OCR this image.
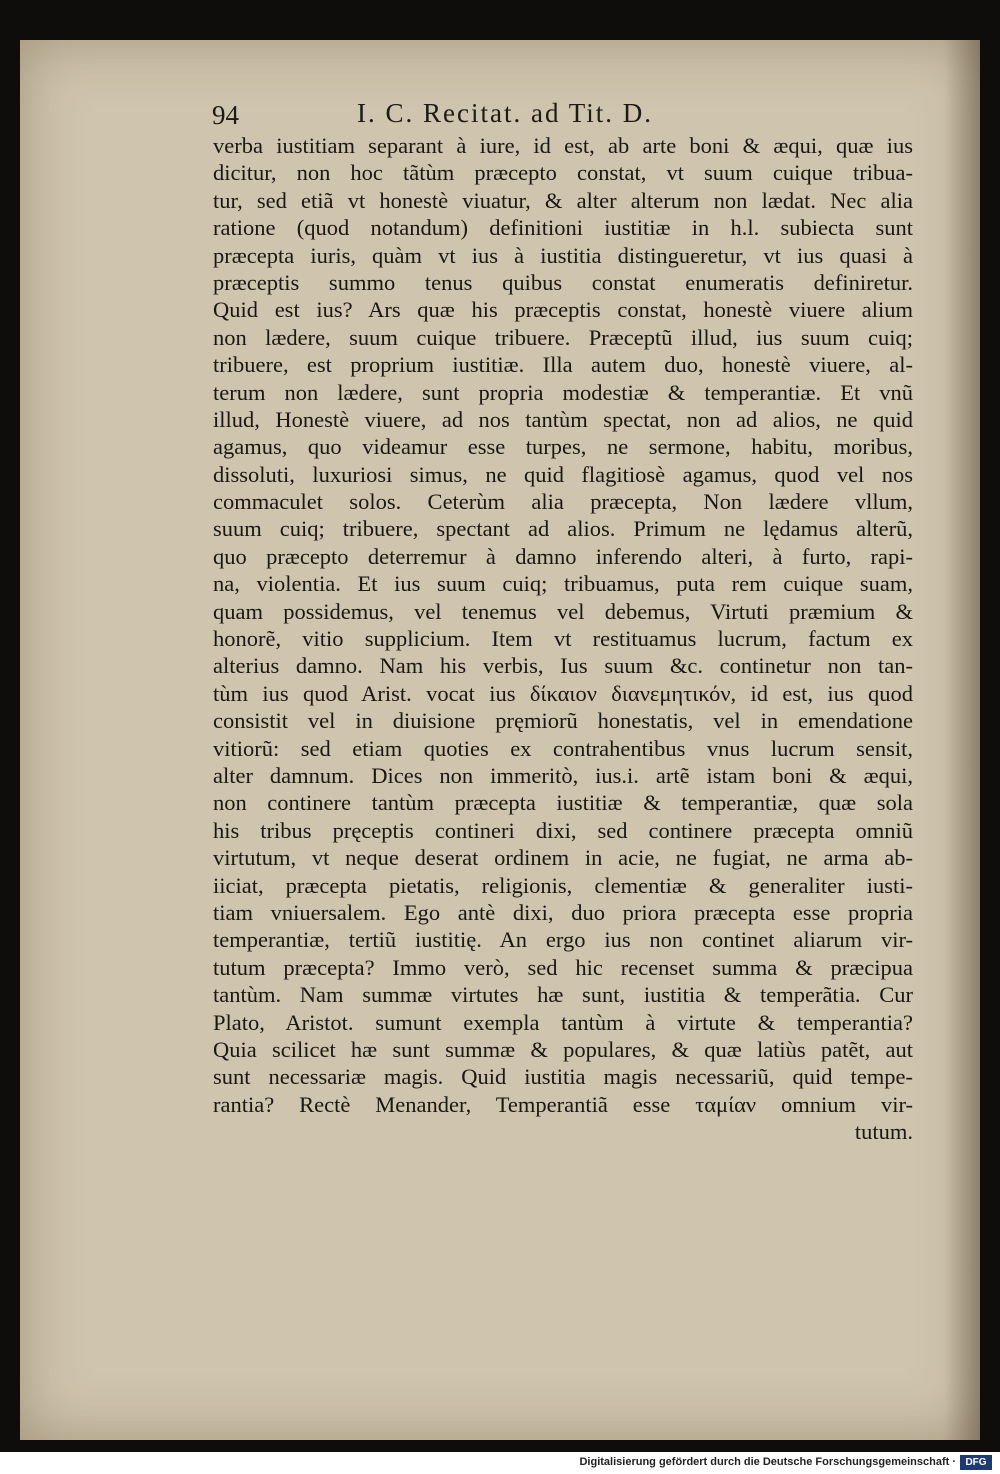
94	I. C. Recitat. ad Tit. D.
verba iustitiam separant à iure, id est, ab arte boni & æqui, quæ ius
dicitur, non hoc tãtùm præcepto constat, vt suum cuique tribua-
tur, sed etiã vt honestè viuatur, & alter alterum non lædat. Nec alia
ratione (quod notandum) definitioni iustitiæ in h.l. subiecta sunt
præcepta iuris, quàm vt ius à iustitia distingueretur, vt ius quasi à
præceptis summo tenus quibus constat enumeratis definiretur.
Quid est ius? Ars quæ his præceptis constat, honestè viuere alium
non lædere, suum cuique tribuere. Præceptũ illud, ius suum cuiq;
tribuere, est proprium iustitiæ. Illa autem duo, honestè viuere, al-
terum non lædere, sunt propria modestiæ & temperantiæ. Et vnũ
illud, Honestè viuere, ad nos tantùm spectat, non ad alios, ne quid
agamus, quo videamur esse turpes, ne sermone, habitu, moribus,
dissoluti, luxuriosi simus, ne quid flagitiosè agamus, quod vel nos
commaculet solos. Ceterùm alia præcepta, Non lædere vllum,
suum cuiq; tribuere, spectant ad alios. Primum ne lędamus alterũ,
quo præcepto deterremur à damno inferendo alteri, à furto, rapi-
na, violentia. Et ius suum cuiq; tribuamus, puta rem cuique suam,
quam possidemus, vel tenemus vel debemus, Virtuti præmium &
honorẽ, vitio supplicium. Item vt restituamus lucrum, factum ex
alterius damno. Nam his verbis, Ius suum &c. continetur non tan-
tùm ius quod Arist. vocat ius δίκαιον διανεμητικόν, id est, ius quod
consistit vel in diuisione pręmiorũ honestatis, vel in emendatione
vitiorũ: sed etiam quoties ex contrahentibus vnus lucrum sensit,
alter damnum. Dices non immeritò, ius.i. artẽ istam boni & æqui,
non continere tantùm præcepta iustitiæ & temperantiæ, quæ sola
his tribus pręceptis contineri dixi, sed continere præcepta omniũ
virtutum, vt neque deserat ordinem in acie, ne fugiat, ne arma ab-
iiciat, præcepta pietatis, religionis, clementiæ & generaliter iusti-
tiam vniuersalem. Ego antè dixi, duo priora præcepta esse propria
temperantiæ, tertiũ iustitię. An ergo ius non continet aliarum vir-
tutum præcepta? Immo verò, sed hic recenset summa & præcipua
tantùm. Nam summæ virtutes hæ sunt, iustitia & temperãtia. Cur
Plato, Aristot. sumunt exempla tantùm à virtute & temperantia?
Quia scilicet hæ sunt summæ & populares, & quæ latiùs patẽt, aut
sunt necessariæ magis. Quid iustitia magis necessariũ, quid tempe-
rantia? Rectè Menander, Temperantiã esse ταμίαν omnium vir-
tutum.
Digitalisierung gefördert durch die Deutsche Forschungsgemeinschaft · DFG
